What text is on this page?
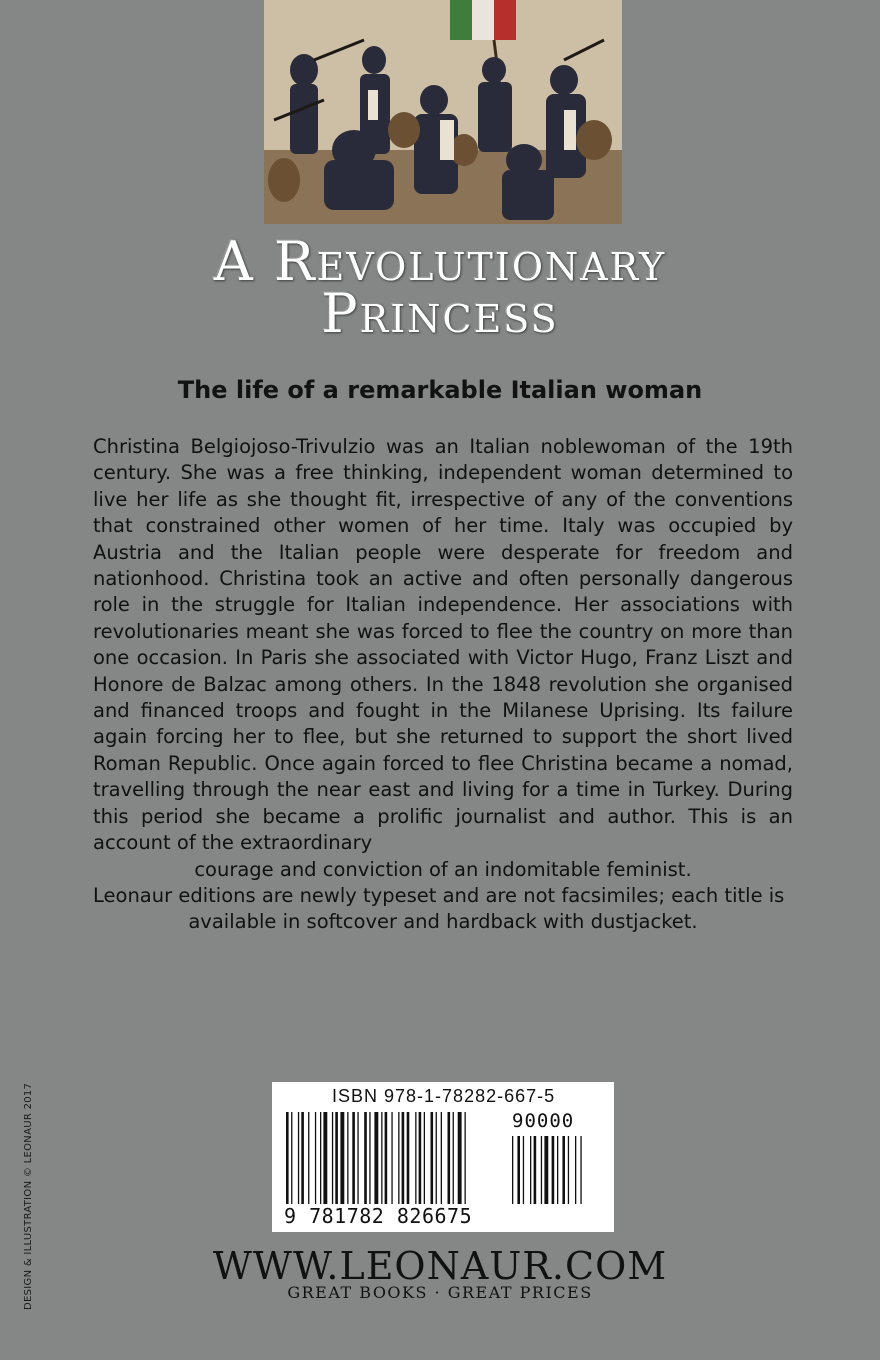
A Revolutionary
Princess
The life of a remarkable Italian woman

Christina Belgiojoso-Trivulzio was an Italian noblewoman of the 19th century. She was a free thinking, independent woman determined to live her life as she thought fit, irrespective of any of the conventions that constrained other women of her time. Italy was occupied by Austria and the Italian people were desperate for freedom and nationhood. Christina took an active and often personally dangerous role in the struggle for Italian independence. Her associations with revolutionaries meant she was forced to flee the country on more than one occasion. In Paris she associated with Victor Hugo, Franz Liszt and Honore de Balzac among others. In the 1848 revolution she organised and financed troops and fought in the Milanese Uprising. Its failure again forcing her to flee, but she returned to support the short lived Roman Republic. Once again forced to flee Christina became a nomad, travelling through the near east and living for a time in Turkey. During this period she became a prolific journalist and author. This is an account of the extraordinary

courage and conviction of an indomitable feminist.

Leonaur editions are newly typeset and are not facsimiles; each title is

available in softcover and hardback with dustjacket.

DESIGN & ILLUSTRATION © LEONAUR 2017	ISBN 978-1-78282-667-5
90000
9 781782 826675
WWW.LEONAUR.COM
GREAT BOOKS · GREAT PRICES
